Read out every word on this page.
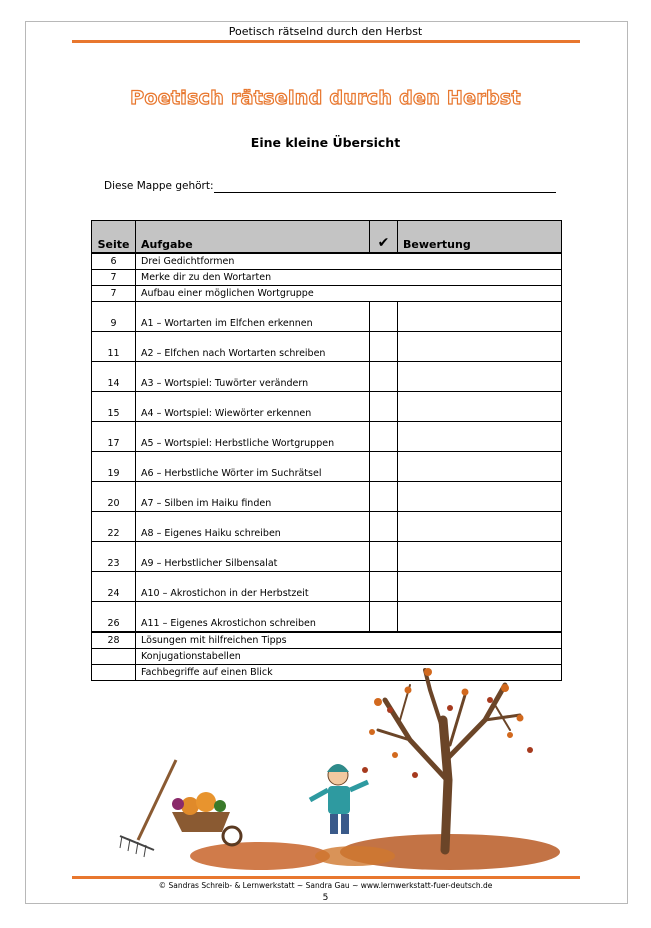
Poetisch rätselnd durch den Herbst
Poetisch rätselnd durch den Herbst
Eine kleine Übersicht
Diese Mappe gehört:
Seite	Aufgabe	✔	Bewertung
6	Drei Gedichtformen		
7	Merke dir zu den Wortarten		
7	Aufbau einer möglichen Wortgruppe		
9	A1 – Wortarten im Elfchen erkennen		
11	A2 – Elfchen nach Wortarten schreiben		
14	A3 – Wortspiel: Tuwörter verändern		
15	A4 – Wortspiel: Wiewörter erkennen		
17	A5 – Wortspiel: Herbstliche Wortgruppen		
19	A6 – Herbstliche Wörter im Suchrätsel		
20	A7 – Silben im Haiku finden		
22	A8 – Eigenes Haiku schreiben		
23	A9 – Herbstlicher Silbensalat		
24	A10 – Akrostichon in der Herbstzeit		
26	A11 – Eigenes Akrostichon schreiben		
28	Lösungen mit hilfreichen Tipps		
	Konjugationstabellen		
	Fachbegriffe auf einen Blick		
© Sandras Schreib- & Lernwerkstatt ~ Sandra Gau ~ www.lernwerkstatt-fuer-deutsch.de
5
